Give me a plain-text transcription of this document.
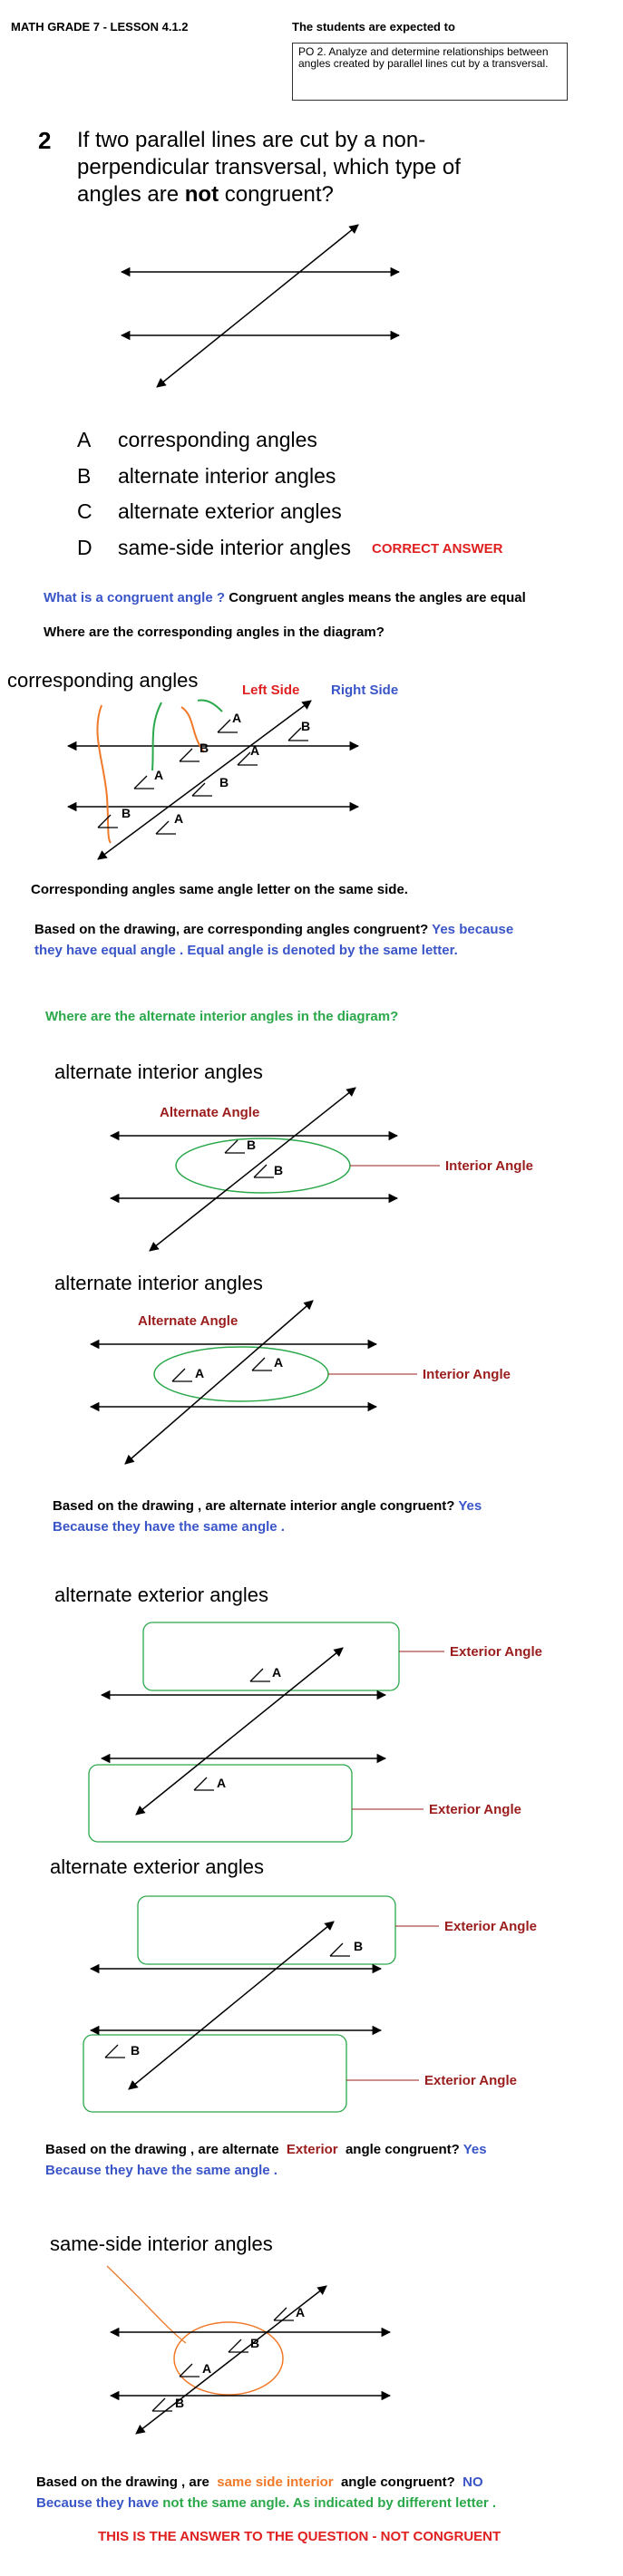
MATH GRADE 7 - LESSON 4.1.2	The students are expected to
PO 2. Analyze and determine relationships between angles created by parallel lines cut by a transversal.
2 If two parallel lines are cut by a non-perpendicular transversal, which type of angles are not congruent?
A corresponding angles
B alternate interior angles
C alternate exterior angles
D same-side interior angles CORRECT ANSWER
What is a congruent angle ? Congruent angles means the angles are equal
Where are the corresponding angles in the diagram?
corresponding angles	Left Side Right Side
A
B
B	A
A	B
B	A
Corresponding angles same angle letter on the same side.
Based on the drawing, are corresponding angles congruent? Yes because they have equal angle . Equal angle is denoted by the same letter.
Where are the alternate interior angles in the diagram?
alternate interior angles
Alternate Angle
Interior Angle
B
B
alternate interior angles
Alternate Angle
Interior Angle
A
A
Based on the drawing , are alternate interior angle congruent? Yes
Because they have the same angle .
alternate exterior angles
Exterior Angle
Exterior Angle
A
A
alternate exterior angles
Exterior Angle
Exterior Angle
B
B
Based on the drawing , are alternate Exterior angle congruent? Yes
Because they have the same angle .
same-side interior angles
A
B
A
B
Based on the drawing , are same side interior angle congruent? NO
Because they have not the same angle. As indicated by different letter .
THIS IS THE ANSWER TO THE QUESTION - NOT CONGRUENT
